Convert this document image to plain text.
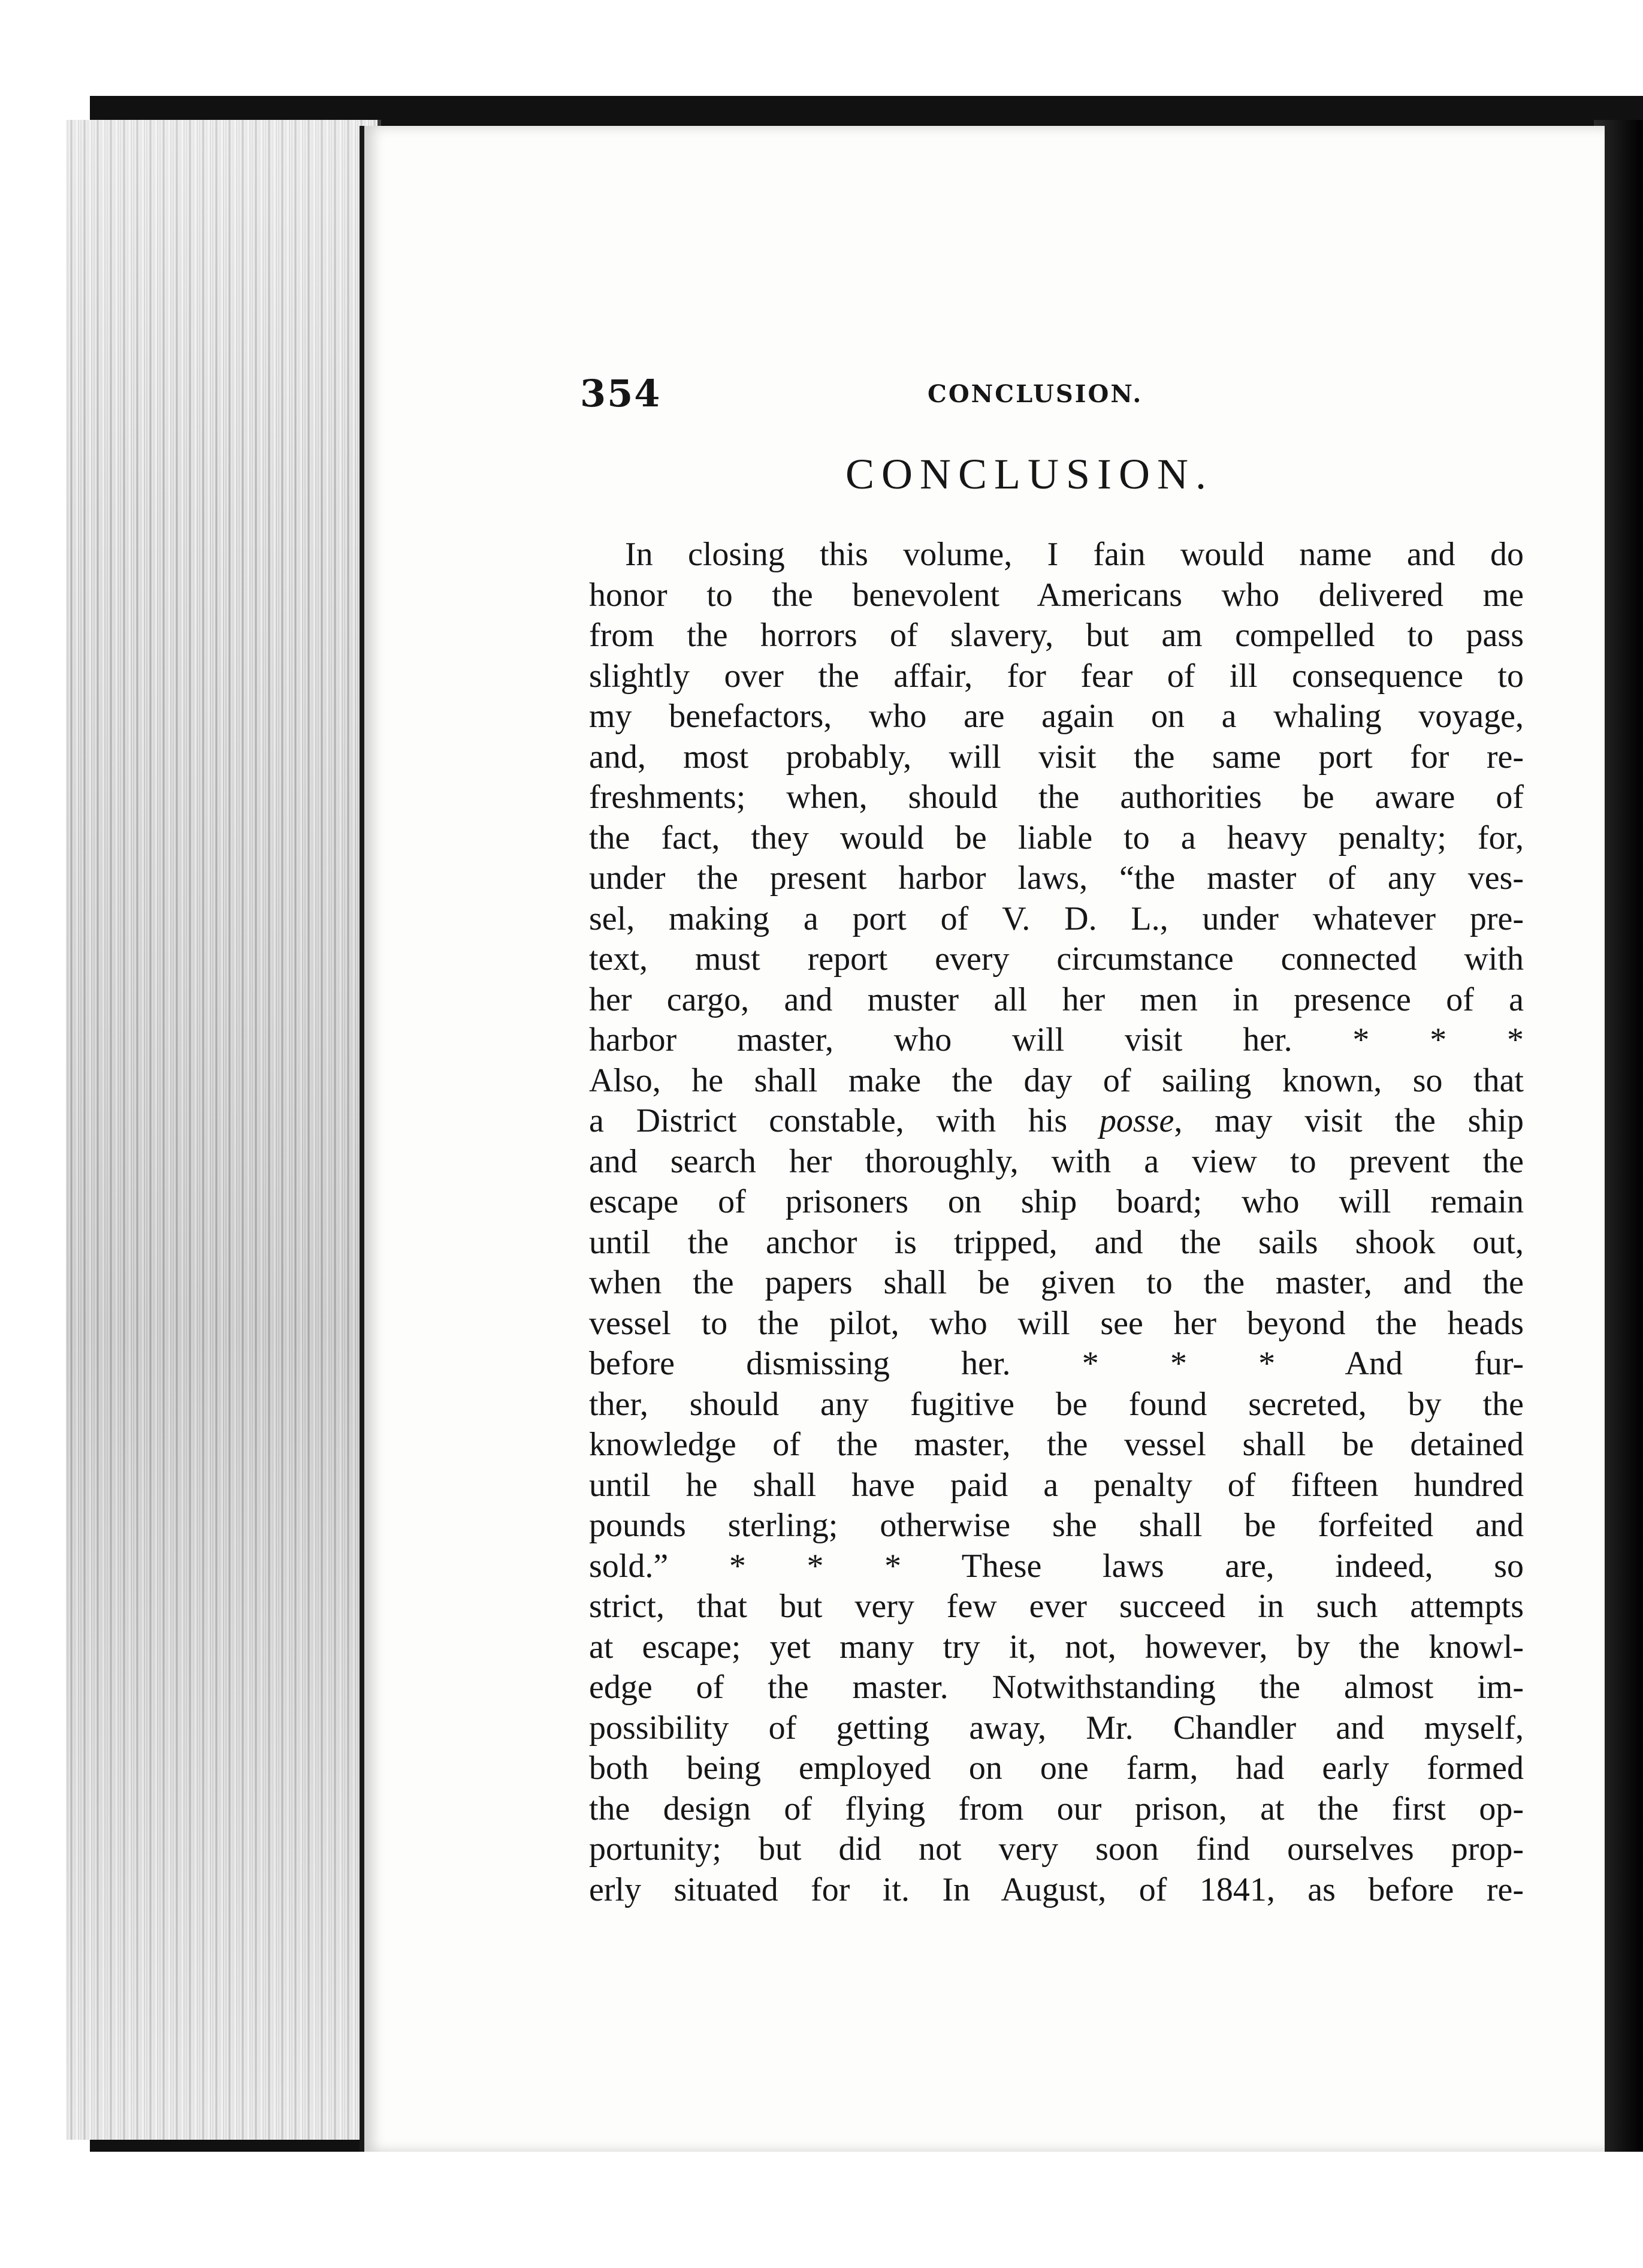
354	CONCLUSION.
CONCLUSION.
In closing this volume, I fain would name and do
honor to the benevolent Americans who delivered me
from the horrors of slavery, but am compelled to pass
slightly over the affair, for fear of ill consequence to
my benefactors, who are again on a whaling voyage,
and, most probably, will visit the same port for re-
freshments; when, should the authorities be aware of
the fact, they would be liable to a heavy penalty; for,
under the present harbor laws, “the master of any ves-
sel, making a port of V. D. L., under whatever pre-
text, must report every circumstance connected with
her cargo, and muster all her men in presence of a
harbor master, who will visit her. * * *
Also, he shall make the day of sailing known, so that
a District constable, with his posse, may visit the ship
and search her thoroughly, with a view to prevent the
escape of prisoners on ship board; who will remain
until the anchor is tripped, and the sails shook out,
when the papers shall be given to the master, and the
vessel to the pilot, who will see her beyond the heads
before dismissing her. * * * And fur-
ther, should any fugitive be found secreted, by the
knowledge of the master, the vessel shall be detained
until he shall have paid a penalty of fifteen hundred
pounds sterling; otherwise she shall be forfeited and
sold.” * * * These laws are, indeed, so
strict, that but very few ever succeed in such attempts
at escape; yet many try it, not, however, by the knowl-
edge of the master. Notwithstanding the almost im-
possibility of getting away, Mr. Chandler and myself,
both being employed on one farm, had early formed
the design of flying from our prison, at the first op-
portunity; but did not very soon find ourselves prop-
erly situated for it. In August, of 1841, as before re-
